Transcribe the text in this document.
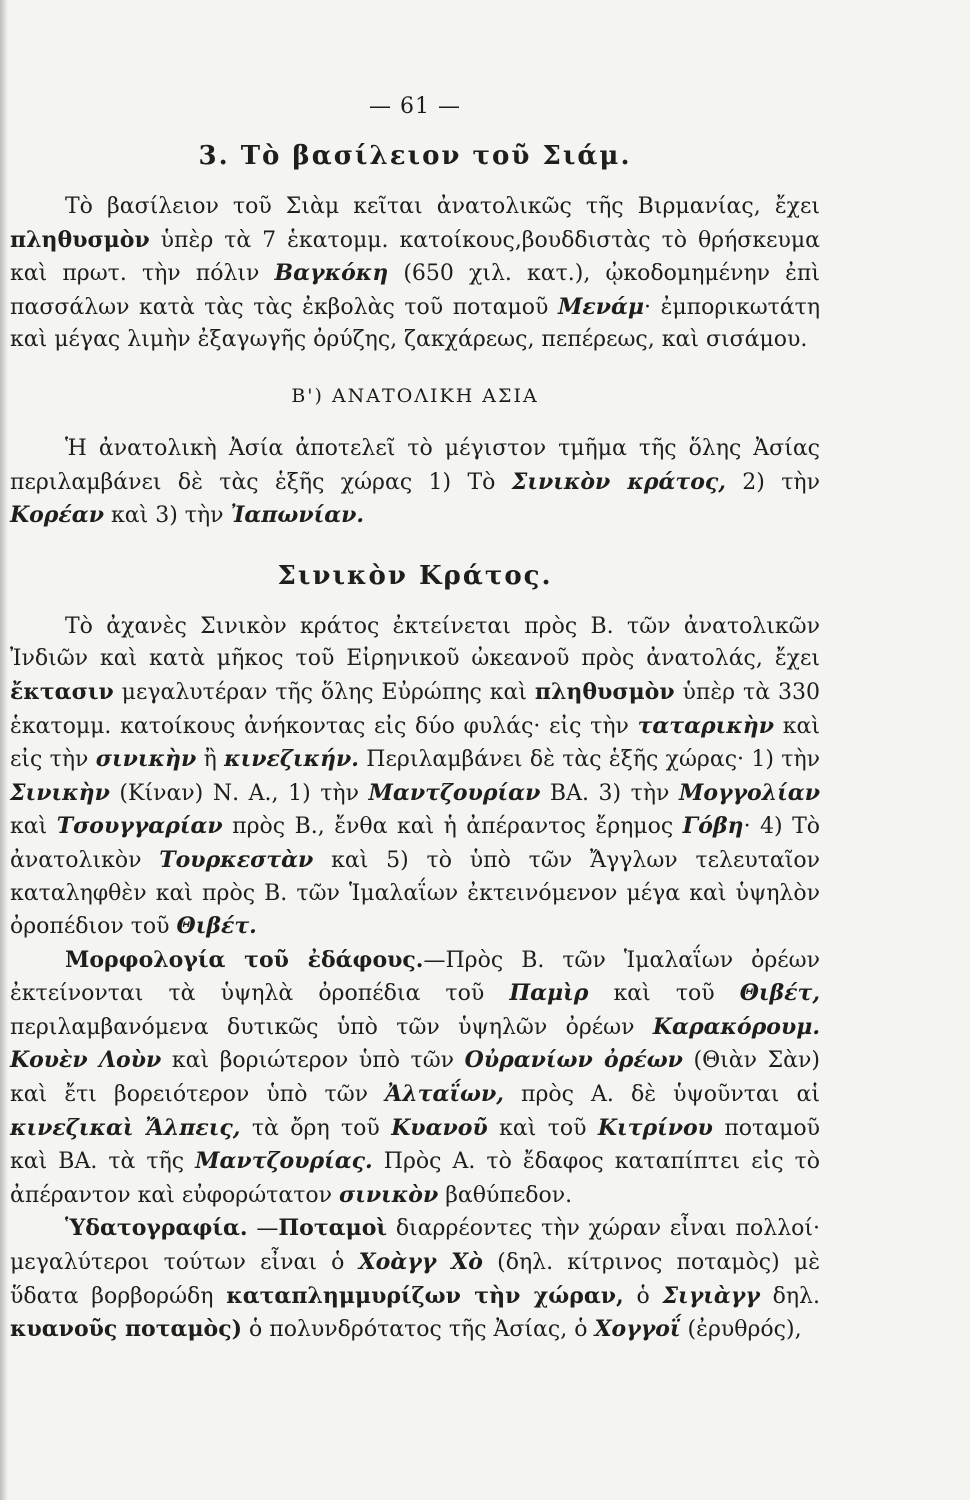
— 61 —
3. Τὸ βασίλειον τοῦ Σιάμ.

Τὸ βασίλειον τοῦ Σιὰμ κεῖται ἀνατολικῶς τῆς Βιρμανίας, ἔχει πληθυσμὸν ὑπὲρ τὰ 7 ἑκατομμ. κατοίκους,βουδδιστὰς τὸ θρήσκευμα καὶ πρωτ. τὴν πόλιν Βαγκόκη (650 χιλ. κατ.), ᾠκοδομημένην ἐπὶ πασσάλων κατὰ τὰς τὰς ἐκβολὰς τοῦ ποταμοῦ Μενάμ· ἐμπορικωτάτη καὶ μέγας λιμὴν ἐξαγωγῆς ὀρύζης, ζακχάρεως, πεπέρεως, καὶ σισάμου.

Β') ΑΝΑΤΟΛΙΚΗ ΑΣΙΑ

Ἡ ἀνατολικὴ Ἀσία ἀποτελεῖ τὸ μέγιστον τμῆμα τῆς ὅλης Ἀσίας περιλαμβάνει δὲ τὰς ἑξῆς χώρας 1) Τὸ Σινικὸν κράτος, 2) τὴν Κορέαν καὶ 3) τὴν Ἰαπωνίαν.

Σινικὸν Κράτος.

Τὸ ἀχανὲς Σινικὸν κράτος ἐκτείνεται πρὸς Β. τῶν ἀνατολικῶν Ἰνδιῶν καὶ κατὰ μῆκος τοῦ Εἰρηνικοῦ ὠκεανοῦ πρὸς ἀνατολάς, ἔχει ἔκτασιν μεγαλυτέραν τῆς ὅλης Εὐρώπης καὶ πληθυσμὸν ὑπὲρ τὰ 330 ἑκατομμ. κατοίκους ἀνήκοντας εἰς δύο φυλάς· εἰς τὴν ταταρικὴν καὶ εἰς τὴν σινικὴν ἢ κινεζικήν. Περιλαμβάνει δὲ τὰς ἑξῆς χώρας· 1) τὴν Σινικὴν (Κίναν) Ν. Α., 1) τὴν Μαντζουρίαν ΒΑ. 3) τὴν Μογγολίαν καὶ Τσουγγαρίαν πρὸς Β., ἔνθα καὶ ἡ ἀπέραντος ἔρημος Γόβη· 4) Τὸ ἀνατολικὸν Τουρκεστὰν καὶ 5) τὸ ὑπὸ τῶν Ἄγγλων τελευταῖον καταληφθὲν καὶ πρὸς Β. τῶν Ἱμαλαΐων ἐκτεινόμενον μέγα καὶ ὑψηλὸν ὀροπέδιον τοῦ Θιβέτ.

Μορφολογία τοῦ ἐδάφους.—Πρὸς Β. τῶν Ἱμαλαΐων ὀρέων ἐκτείνονται τὰ ὑψηλὰ ὀροπέδια τοῦ Παμὶρ καὶ τοῦ Θιβέτ, περιλαμβανόμενα δυτικῶς ὑπὸ τῶν ὑψηλῶν ὀρέων Καρακόρουμ. Κουὲν Λοὺν καὶ βοριώτερον ὑπὸ τῶν Οὐρανίων ὀρέων (Θιὰν Σὰν) καὶ ἔτι βορειότερον ὑπὸ τῶν Ἀλταΐων, πρὸς Α. δὲ ὑψοῦνται αἱ κινεζικαὶ Ἄλπεις, τὰ ὄρη τοῦ Κυανοῦ καὶ τοῦ Κιτρίνου ποταμοῦ καὶ ΒΑ. τὰ τῆς Μαντζουρίας. Πρὸς Α. τὸ ἔδαφος καταπίπτει εἰς τὸ ἀπέραντον καὶ εὐφορώτατον σινικὸν βαθύπεδον.

Ὑδατογραφία. —Ποταμοὶ διαρρέοντες τὴν χώραν εἶναι πολλοί· μεγαλύτεροι τούτων εἶναι ὁ Χοὰγγ Χὸ (δηλ. κίτρινος ποταμὸς) μὲ ὕδατα βορβορώδη καταπλημμυρίζων τὴν χώραν, ὁ Σιγιὰγγ δηλ. κυανοῦς ποταμὸς) ὁ πολυνδρότατος τῆς Ἀσίας, ὁ Χογγοΐ (ἐρυθρός),
